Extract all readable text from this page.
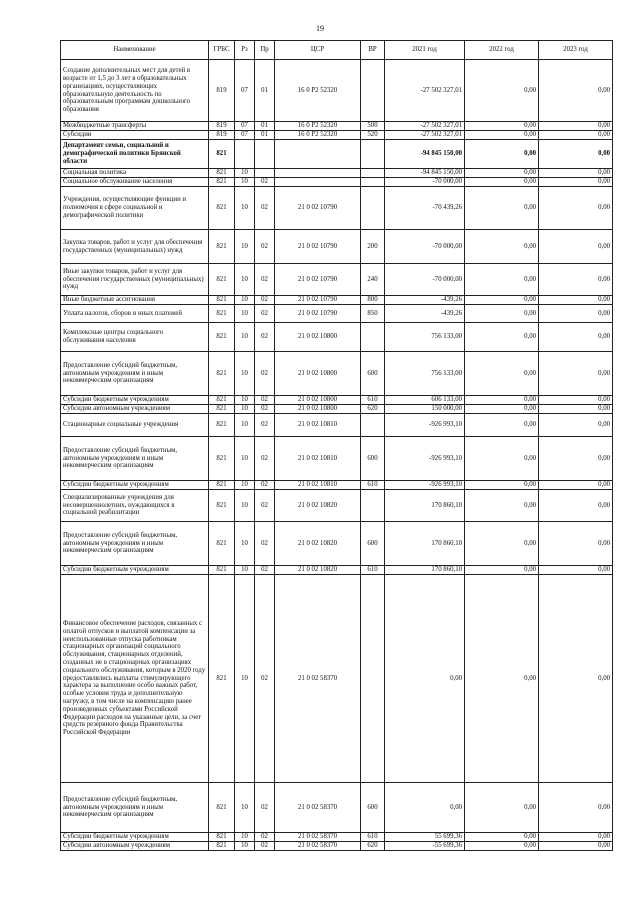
19
Наименование	ГРБС	Рз	Пр	ЦСР	ВР	2021 год	2022 год	2023 год
Создание дополнительных мест для детей в возрасте от 1,5 до 3 лет в образовательных организациях, осуществляющих образовательную деятельность по образовательным программам дошкольного образования	819	07	01	16 0 P2 52320		-27 502 327,01	0,00	0,00
Межбюджетные трансферты	819	07	01	16 0 P2 52320	500	-27 502 327,01	0,00	0,00
Субсидии	819	07	01	16 0 P2 52320	520	-27 502 327,01	0,00	0,00
Департамент семьи, социальной и демографической политики Брянской области	821					-94 845 150,00	0,00	0,00
Социальная политика	821	10				-94 845 150,00	0,00	0,00
Социальное обслуживание населения	821	10	02			-70 000,00	0,00	0,00
Учреждения, осуществляющие функции и полномочия в сфере социальной и демографической политики	821	10	02	21 0 02 10790		-70 439,26	0,00	0,00
Закупка товаров, работ и услуг для обеспечения государственных (муниципальных) нужд	821	10	02	21 0 02 10790	200	-70 000,00	0,00	0,00
Иные закупки товаров, работ и услуг для обеспечения государственных (муниципальных) нужд	821	10	02	21 0 02 10790	240	-70 000,00	0,00	0,00
Иные бюджетные ассигнования	821	10	02	21 0 02 10790	800	-439,26	0,00	0,00
Уплата налогов, сборов и иных платежей	821	10	02	21 0 02 10790	850	-439,26	0,00	0,00
Комплексные центры социального обслуживания населения	821	10	02	21 0 02 10800		756 133,00	0,00	0,00
Предоставление субсидий бюджетным, автономным учреждениям и иным некоммерческим организациям	821	10	02	21 0 02 10800	600	756 133,00	0,00	0,00
Субсидии бюджетным учреждениям	821	10	02	21 0 02 10800	610	606 133,00	0,00	0,00
Субсидии автономным учреждениям	821	10	02	21 0 02 10800	620	150 000,00	0,00	0,00
Стационарные социальные учреждения	821	10	02	21 0 02 10810		-926 993,10	0,00	0,00
Предоставление субсидий бюджетным, автономным учреждениям и иным некоммерческим организациям	821	10	02	21 0 02 10810	600	-926 993,10	0,00	0,00
Субсидии бюджетным учреждениям	821	10	02	21 0 02 10810	610	-926 993,10	0,00	0,00
Специализированные учреждения для несовершеннолетних, нуждающихся в социальной реабилитации	821	10	02	21 0 02 10820		170 860,10	0,00	0,00
Предоставление субсидий бюджетным, автономным учреждениям и иным некоммерческим организациям	821	10	02	21 0 02 10820	600	170 860,10	0,00	0,00
Субсидии бюджетным учреждениям	821	10	02	21 0 02 10820	610	170 860,10	0,00	0,00
Финансовое обеспечение расходов, связанных с оплатой отпусков и выплатой компенсации за неиспользованные отпуска работникам стационарных организаций социального обслуживания, стационарных отделений, созданных не в стационарных организациях социального обслуживания, которым в 2020 году предоставлялись выплаты стимулирующего характера за выполнение особо важных работ, особые условия труда и дополнительную нагрузку, в том числе на компенсацию ранее произведенных субъектами Российской Федерации расходов на указанные цели, за счет средств резервного фонда Правительства Российской Федерации	821	10	02	21 0 02 58370		0,00	0,00	0,00
Предоставление субсидий бюджетным, автономным учреждениям и иным некоммерческим организациям	821	10	02	21 0 02 58370	600	0,00	0,00	0,00
Субсидии бюджетным учреждениям	821	10	02	21 0 02 58370	610	55 699,36	0,00	0,00
Субсидии автономным учреждениям	821	10	02	21 0 02 58370	620	-55 699,36	0,00	0,00
